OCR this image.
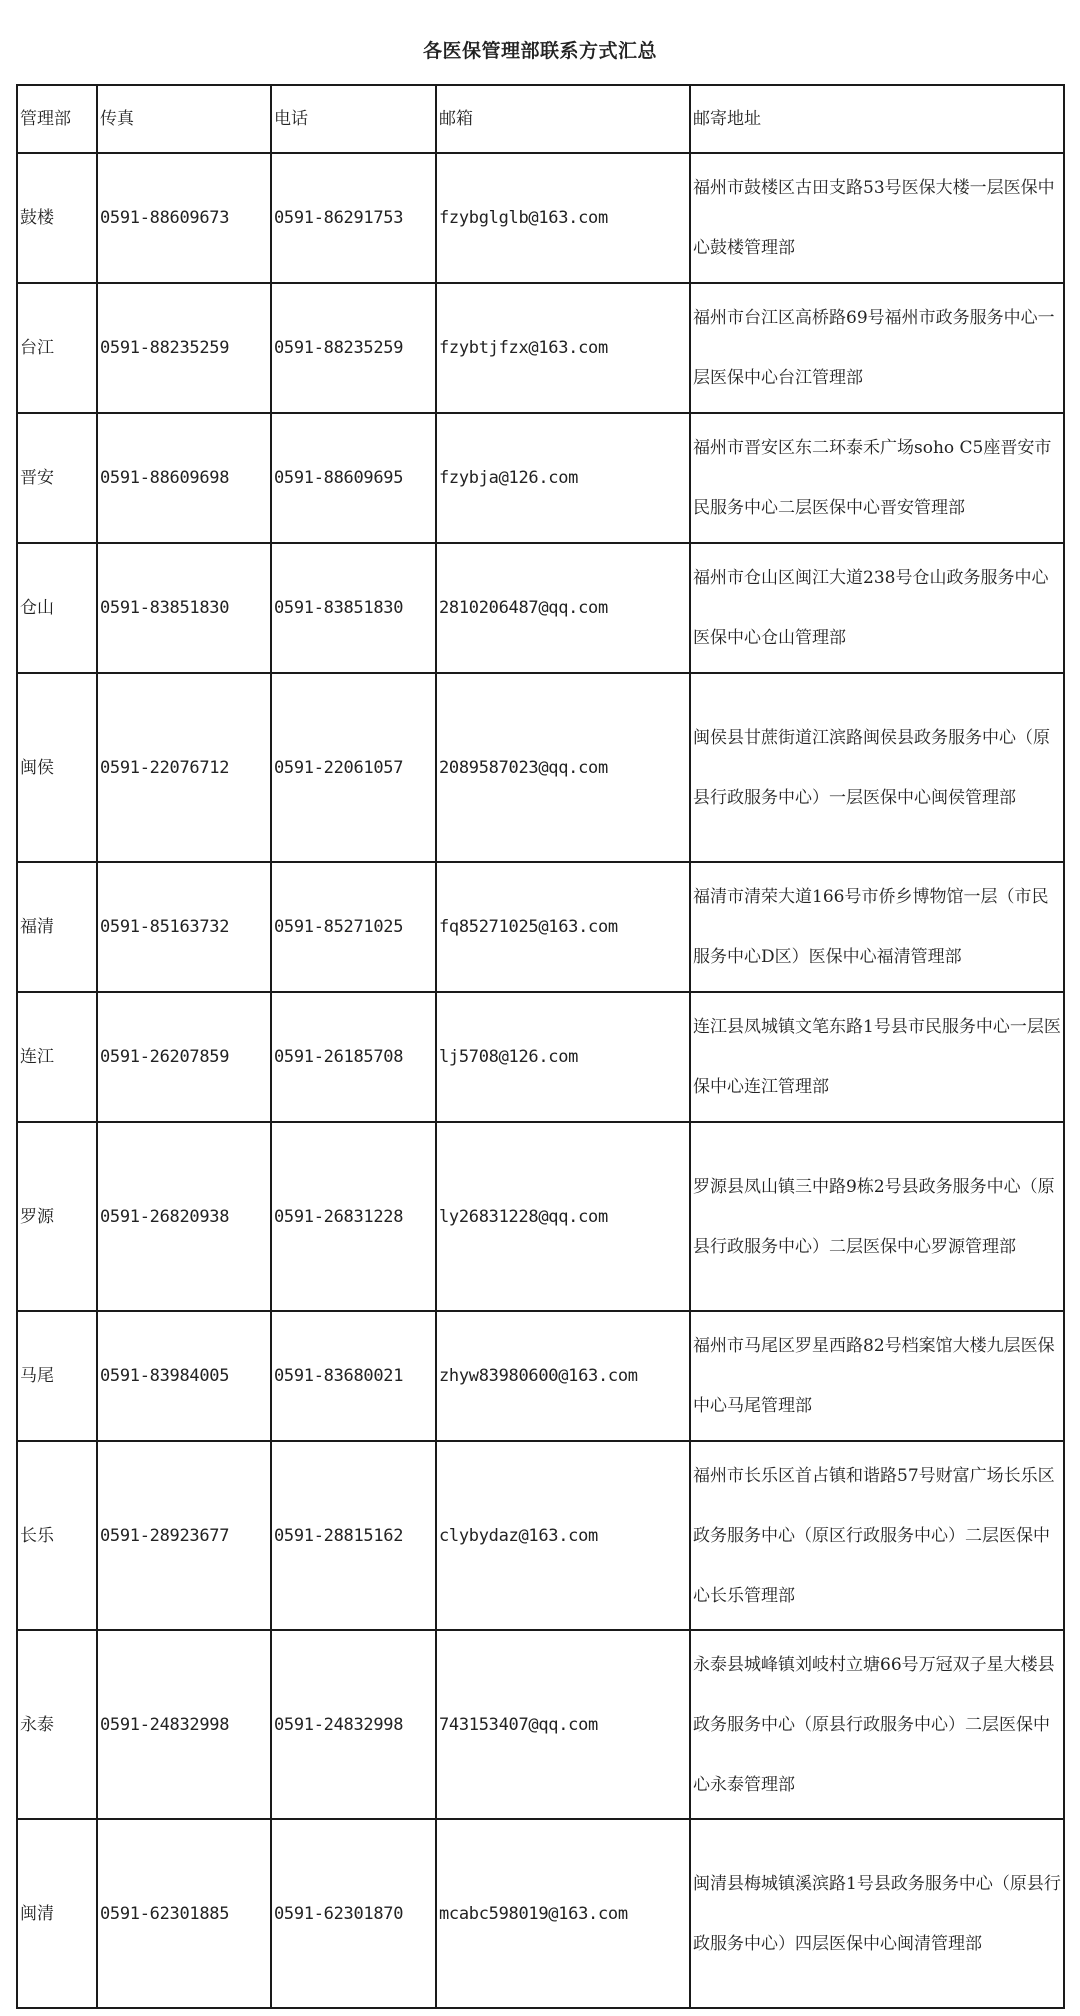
各医保管理部联系方式汇总
管理部	传真	电话	邮箱	邮寄地址
鼓楼	0591-88609673	0591-86291753	fzybglglb@163.com	福州市鼓楼区古田支路53号医保大楼一层医保中心鼓楼管理部
台江	0591-88235259	0591-88235259	fzybtjfzx@163.com	福州市台江区高桥路69号福州市政务服务中心一层医保中心台江管理部
晋安	0591-88609698	0591-88609695	fzybja@126.com	福州市晋安区东二环泰禾广场soho C5座晋安市民服务中心二层医保中心晋安管理部
仓山	0591-83851830	0591-83851830	2810206487@qq.com	福州市仓山区闽江大道238号仓山政务服务中心医保中心仓山管理部
闽侯	0591-22076712	0591-22061057	2089587023@qq.com	闽侯县甘蔗街道江滨路闽侯县政务服务中心（原县行政服务中心）一层医保中心闽侯管理部
福清	0591-85163732	0591-85271025	fq85271025@163.com	福清市清荣大道166号市侨乡博物馆一层（市民服务中心D区）医保中心福清管理部
连江	0591-26207859	0591-26185708	lj5708@126.com	连江县凤城镇文笔东路1号县市民服务中心一层医保中心连江管理部
罗源	0591-26820938	0591-26831228	ly26831228@qq.com	罗源县凤山镇三中路9栋2号县政务服务中心（原县行政服务中心）二层医保中心罗源管理部
马尾	0591-83984005	0591-83680021	zhyw83980600@163.com	福州市马尾区罗星西路82号档案馆大楼九层医保中心马尾管理部
长乐	0591-28923677	0591-28815162	clybydaz@163.com	福州市长乐区首占镇和谐路57号财富广场长乐区政务服务中心（原区行政服务中心）二层医保中心长乐管理部
永泰	0591-24832998	0591-24832998	743153407@qq.com	永泰县城峰镇刘岐村立塘66号万冠双子星大楼县政务服务中心（原县行政服务中心）二层医保中心永泰管理部
闽清	0591-62301885	0591-62301870	mcabc598019@163.com	闽清县梅城镇溪滨路1号县政务服务中心（原县行政服务中心）四层医保中心闽清管理部
